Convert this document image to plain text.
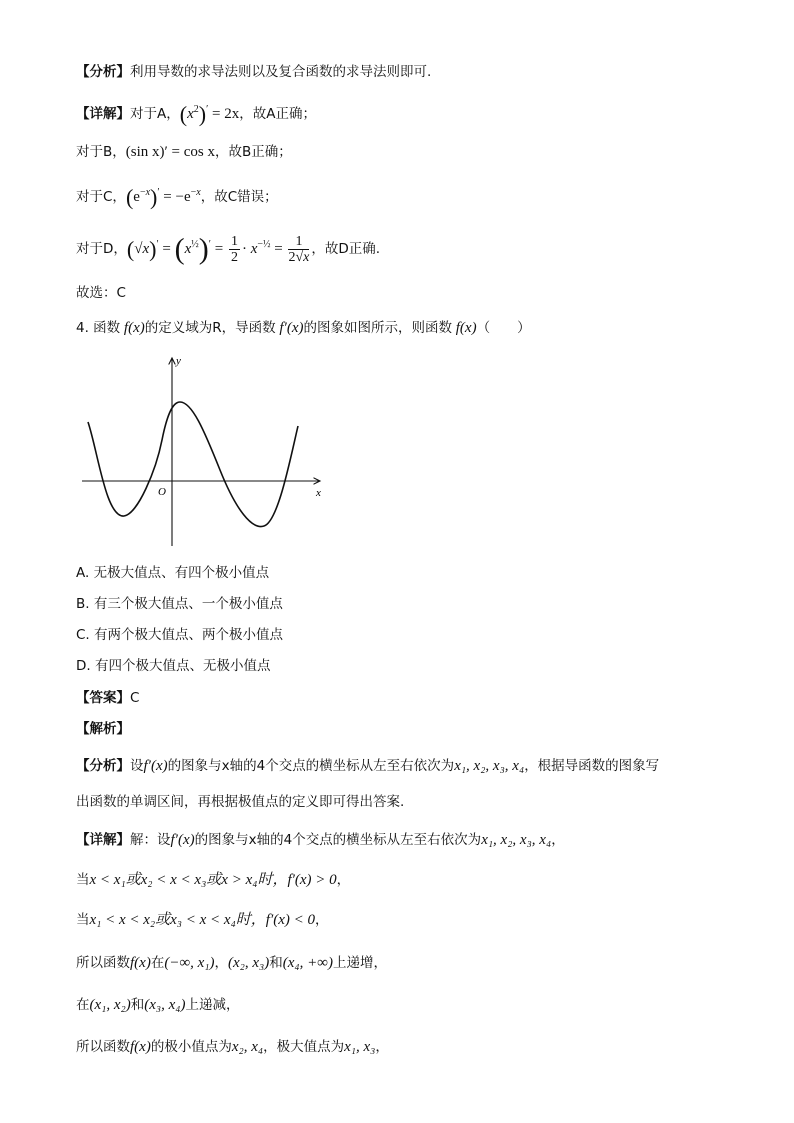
【分析】利用导数的求导法则以及复合函数的求导法则即可.
【详解】对于A，$(x^2)' = 2x$，故A正确；
对于B，(sin x)′ = cos x，故B正确；
对于C，$(e^{-x})' = -e^{-x}$，故C错误；
对于D，$(√x)' = (x^{\frac{1}{2}})' = \frac{1}{2} \cdot x^{-\frac{1}{2}} = \frac{1}{2√x}$ ，故D正确.
故选：C
4. 函数 f(x)的定义域为R，导函数 f′(x)的图象如图所示，则函数 f(x)（　　）
y
x
O
A. 无极大值点、有四个极小值点
B. 有三个极大值点、一个极小值点
C. 有两个极大值点、两个极小值点
D. 有四个极大值点、无极小值点
【答案】C
【解析】
【分析】设f′(x)的图象与x轴的4个交点的横坐标从左至右依次为x₁, x₂, x₃, x₄，根据导函数的图象写
出函数的单调区间，再根据极值点的定义即可得出答案.
【详解】解：设f′(x)的图象与x轴的4个交点的横坐标从左至右依次为x₁, x₂, x₃, x₄，
当x < x₁或x₂ < x < x₃或x > x₄时，f′(x) > 0，
当x₁ < x < x₂或x₃ < x < x₄时，f′(x) < 0，
所以函数f(x)在(−∞, x₁)，(x₂, x₃)和(x₄, +∞)上递增，
在(x₁, x₂)和(x₃, x₄)上递减，
所以函数f(x)的极小值点为x₂, x₄，极大值点为x₁, x₃，
